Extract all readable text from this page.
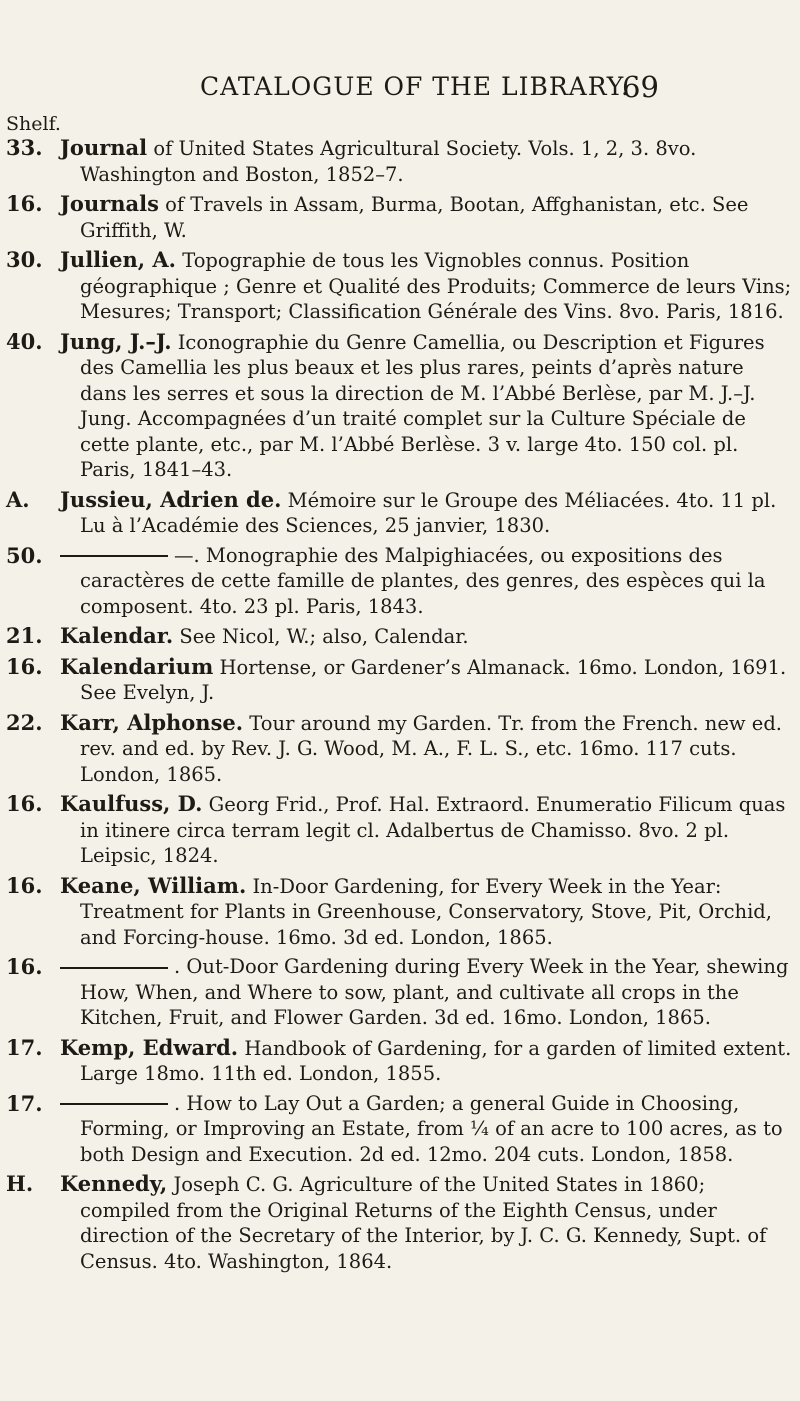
CATALOGUE OF THE LIBRARY.
69
Shelf.
33. Journal of United States Agricultural Society. Vols. 1, 2, 3. 8vo. Washington and Boston, 1852–7.
16. Journals of Travels in Assam, Burma, Bootan, Affghanistan, etc. See Griffith, W.
30. Jullien, A. Topographie de tous les Vignobles connus. Position géographique ; Genre et Qualité des Produits; Commerce de leurs Vins; Mesures; Transport; Classification Générale des Vins. 8vo. Paris, 1816.
40. Jung, J.–J. Iconographie du Genre Camellia, ou Description et Figures des Camellia les plus beaux et les plus rares, peints d’après nature dans les serres et sous la direction de M. l’Abbé Berlèse, par M. J.–J. Jung. Accompagnées d’un traité complet sur la Culture Spéciale de cette plante, etc., par M. l’Abbé Berlèse. 3 v. large 4to. 150 col. pl. Paris, 1841–43.
A.	Jussieu, Adrien de. Mémoire sur le Groupe des Méliacées. 4to. 11 pl. Lu à l’Académie des Sciences, 25 janvier, 1830.
50.	—. Monographie des Malpighiacées, ou expositions des caractères de cette famille de plantes, des genres, des espèces qui la composent. 4to. 23 pl. Paris, 1843.
21. Kalendar. See Nicol, W.; also, Calendar.
16. Kalendarium Hortense, or Gardener’s Almanack. 16mo. London, 1691. See Evelyn, J.
22. Karr, Alphonse. Tour around my Garden. Tr. from the French. new ed. rev. and ed. by Rev. J. G. Wood, M. A., F. L. S., etc. 16mo. 117 cuts. London, 1865.
16. Kaulfuss, D. Georg Frid., Prof. Hal. Extraord. Enumeratio Filicum quas in itinere circa terram legit cl. Adalbertus de Chamisso. 8vo. 2 pl. Leipsic, 1824.
16. Keane, William. In-Door Gardening, for Every Week in the Year: Treatment for Plants in Greenhouse, Conservatory, Stove, Pit, Orchid, and Forcing-house. 16mo. 3d ed. London, 1865.
16.	. Out-Door Gardening during Every Week in the Year, shewing How, When, and Where to sow, plant, and cultivate all crops in the Kitchen, Fruit, and Flower Garden. 3d ed. 16mo. London, 1865.
17. Kemp, Edward. Handbook of Gardening, for a garden of limited extent. Large 18mo. 11th ed. London, 1855.
17.	. How to Lay Out a Garden; a general Guide in Choosing, Forming, or Improving an Estate, from ¼ of an acre to 100 acres, as to both Design and Execution. 2d ed. 12mo. 204 cuts. London, 1858.
H.	Kennedy, Joseph C. G. Agriculture of the United States in 1860; compiled from the Original Returns of the Eighth Census, under direction of the Secretary of the Interior, by J. C. G. Kennedy, Supt. of Census. 4to. Washington, 1864.
